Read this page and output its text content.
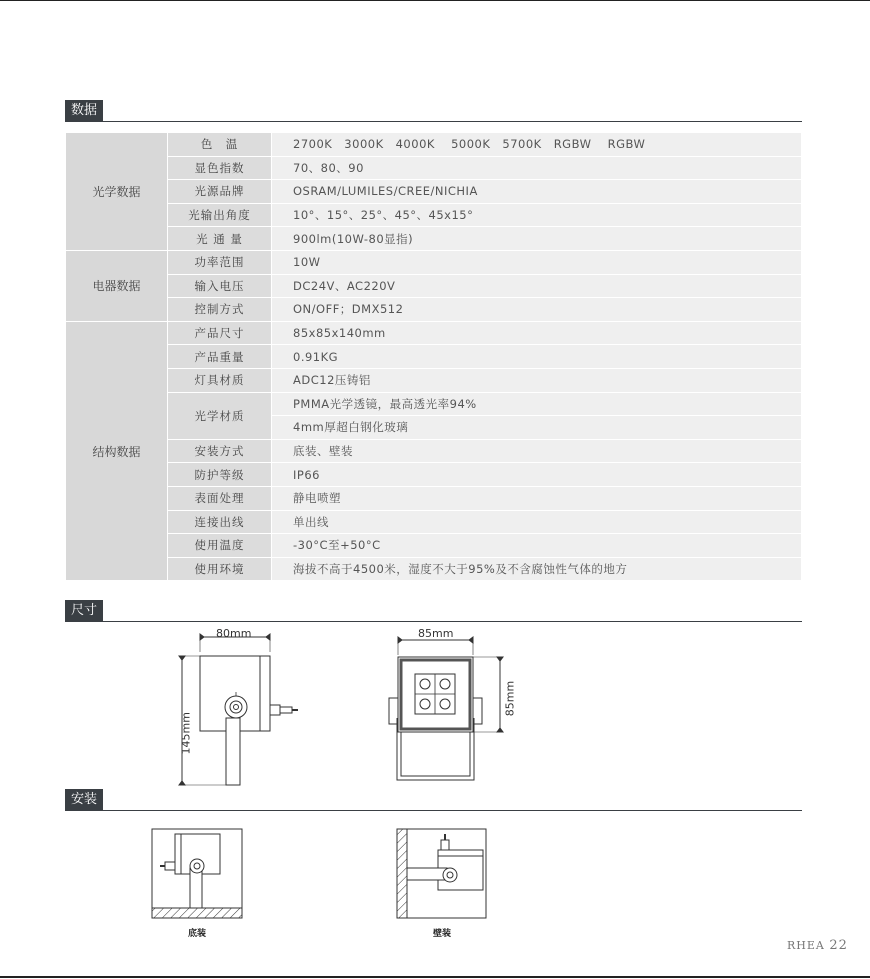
数据
光学数据	色　温	2700K　3000K　4000K　 5000K　5700K　RGBW　 RGBW
	显色指数	70、80、90
	光源品牌	OSRAM/LUMILES/CREE/NICHIA
	光输出角度	10°、15°、25°、45°、45x15°
	光 通 量	900lm(10W-80显指)
电器数据	功率范围	10W
	输入电压	DC24V、AC220V
	控制方式	ON/OFF；DMX512
结构数据	产品尺寸	85x85x140mm
	产品重量	0.91KG
	灯具材质	ADC12压铸铝
	光学材质	PMMA光学透镜，最高透光率94%
		4mm厚超白钢化玻璃
	安装方式	底装、壁装
	防护等级	IP66
	表面处理	静电喷塑
	连接出线	单出线
	使用温度	-30°C至+50°C
	使用环境	海拔不高于4500米，湿度不大于95%及不含腐蚀性气体的地方
尺寸
80mm
145mm
85mm
85mm
安装
底装	壁装
RHEA 22
